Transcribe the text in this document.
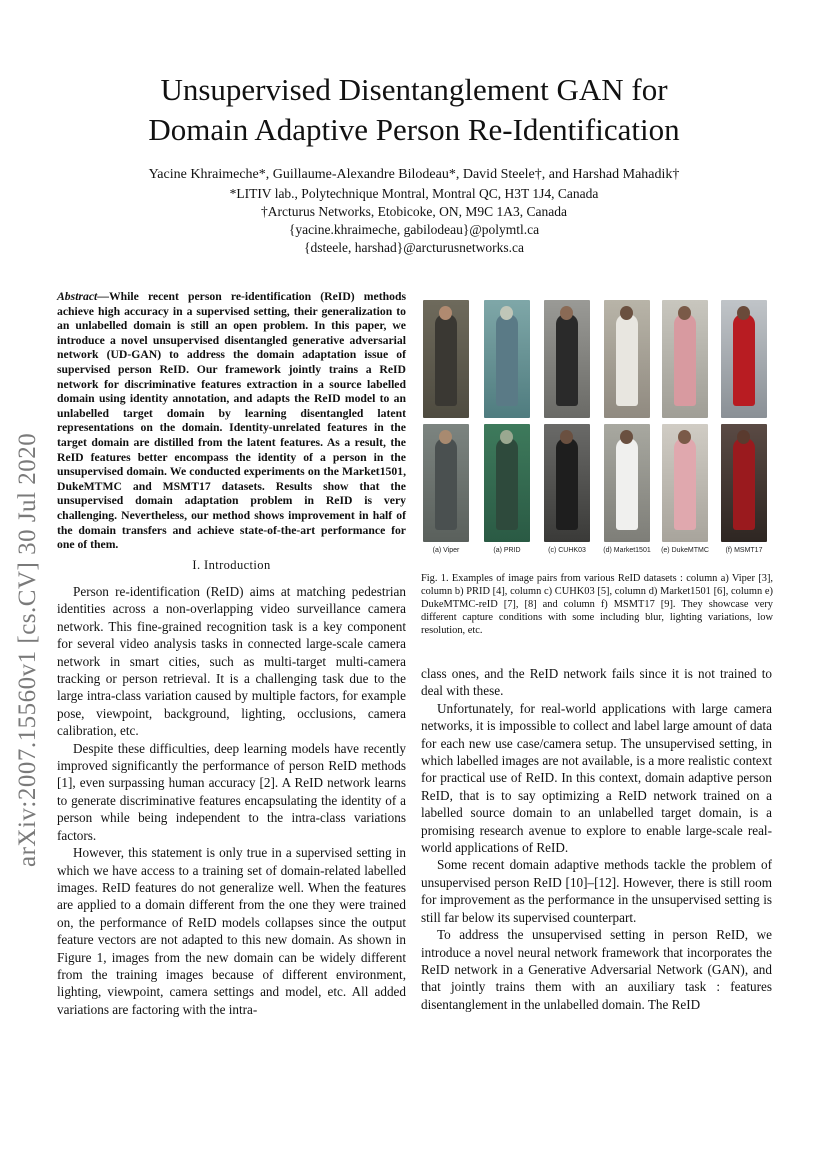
Unsupervised Disentanglement GAN for
Domain Adaptive Person Re-Identification
Yacine Khraimeche*, Guillaume-Alexandre Bilodeau*, David Steele†, and Harshad Mahadik†
*LITIV lab., Polytechnique Montral, Montral QC, H3T 1J4, Canada
†Arcturus Networks, Etobicoke, ON, M9C 1A3, Canada
{yacine.khraimeche, gabilodeau}@polymtl.ca
{dsteele, harshad}@arcturusnetworks.ca
arXiv:2007.15560v1 [cs.CV] 30 Jul 2020
Abstract—While recent person re-identification (ReID) methods achieve high accuracy in a supervised setting, their generalization to an unlabelled domain is still an open problem. In this paper, we introduce a novel unsupervised disentangled generative adversarial network (UD-GAN) to address the domain adaptation issue of supervised person ReID. Our framework jointly trains a ReID network for discriminative features extraction in a source labelled domain using identity annotation, and adapts the ReID model to an unlabelled target domain by learning disentangled latent representations on the domain. Identity-unrelated features in the target domain are distilled from the latent features. As a result, the ReID features better encompass the identity of a person in the unsupervised domain. We conducted experiments on the Market1501, DukeMTMC and MSMT17 datasets. Results show that the unsupervised domain adaptation problem in ReID is very challenging. Nevertheless, our method shows improvement in half of the domain transfers and achieve state-of-the-art performance for one of them.
I. Introduction

Person re-identification (ReID) aims at matching pedestrian identities across a non-overlapping video surveillance camera network. This fine-grained recognition task is a key component for several video analysis tasks in connected large-scale camera network in smart cities, such as multi-target multi-camera tracking or person retrieval. It is a challenging task due to the large intra-class variation caused by multiple factors, for example pose, viewpoint, background, lighting, occlusions, camera calibration, etc.

Despite these difficulties, deep learning models have recently improved significantly the performance of person ReID methods [1], even surpassing human accuracy [2]. A ReID network learns to generate discriminative features encapsulating the identity of a person while being independent to the intra-class variations factors.

However, this statement is only true in a supervised setting in which we have access to a training set of domain-related labelled images. ReID features do not generalize well. When the features are applied to a domain different from the one they were trained on, the performance of ReID models collapses since the output feature vectors are not adapted to this new domain. As shown in Figure 1, images from the new domain can be widely different from the training images because of different environment, lighting, viewpoint, camera settings and model, etc. All added variations are factoring with the intra-

(a) Viper	(a) PRID	(c) CUHK03	(d) Market1501	(e) DukeMTMC	(f) MSMT17
Fig. 1. Examples of image pairs from various ReID datasets : column a) Viper [3], column b) PRID [4], column c) CUHK03 [5], column d) Market1501 [6], column e) DukeMTMC-reID [7], [8] and column f) MSMT17 [9]. They showcase very different capture conditions with some including blur, lighting variations, low resolution, etc.

class ones, and the ReID network fails since it is not trained to deal with these.

Unfortunately, for real-world applications with large camera networks, it is impossible to collect and label large amount of data for each new use case/camera setup. The unsupervised setting, in which labelled images are not available, is a more realistic context for practical use of ReID. In this context, domain adaptive person ReID, that is to say optimizing a ReID network trained on a labelled source domain to an unlabelled target domain, is a promising research avenue to explore to enable large-scale real-world applications of ReID.

Some recent domain adaptive methods tackle the problem of unsupervised person ReID [10]–[12]. However, there is still room for improvement as the performance in the unsupervised setting is still far below its supervised counterpart.

To address the unsupervised setting in person ReID, we introduce a novel neural network framework that incorporates the ReID network in a Generative Adversarial Network (GAN), and that jointly trains them with an auxiliary task : features disentanglement in the unlabelled domain. The ReID
